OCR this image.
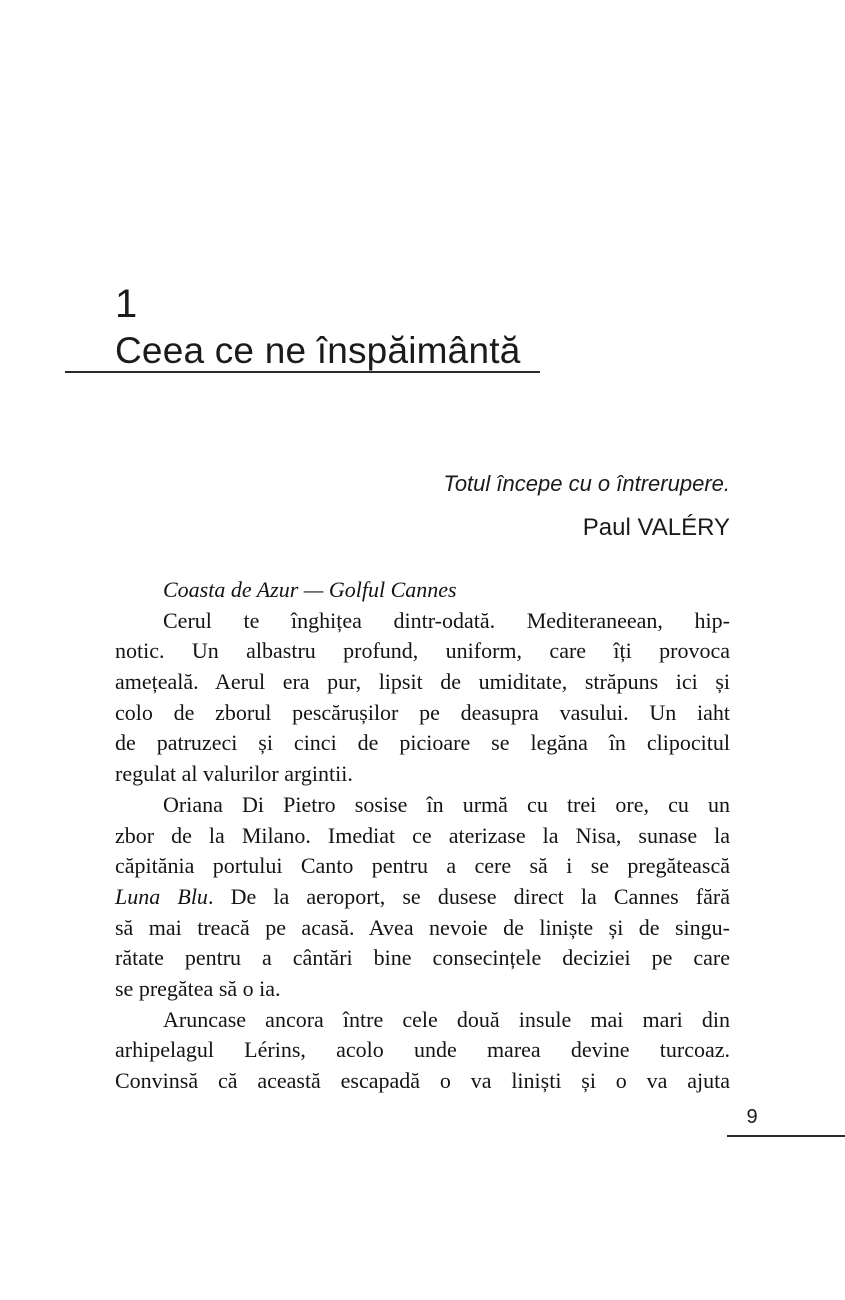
1
Ceea ce ne înspăimântă
Totul începe cu o întrerupere.
Paul VALÉRY
Coasta de Azur — Golful Cannes
Cerul te înghițea dintr-odată. Mediteraneean, hip-
notic. Un albastru profund, uniform, care îți provoca
amețeală. Aerul era pur, lipsit de umiditate, străpuns ici și
colo de zborul pescărușilor pe deasupra vasului. Un iaht
de patruzeci și cinci de picioare se legăna în clipocitul
regulat al valurilor argintii.
Oriana Di Pietro sosise în urmă cu trei ore, cu un
zbor de la Milano. Imediat ce aterizase la Nisa, sunase la
căpitănia portului Canto pentru a cere să i se pregătească
Luna Blu. De la aeroport, se dusese direct la Cannes fără
să mai treacă pe acasă. Avea nevoie de liniște și de singu-
rătate pentru a cântări bine consecințele deciziei pe care
se pregătea să o ia.
Aruncase ancora între cele două insule mai mari din
arhipelagul Lérins, acolo unde marea devine turcoaz.
Convinsă că această escapadă o va liniști și o va ajuta
9
